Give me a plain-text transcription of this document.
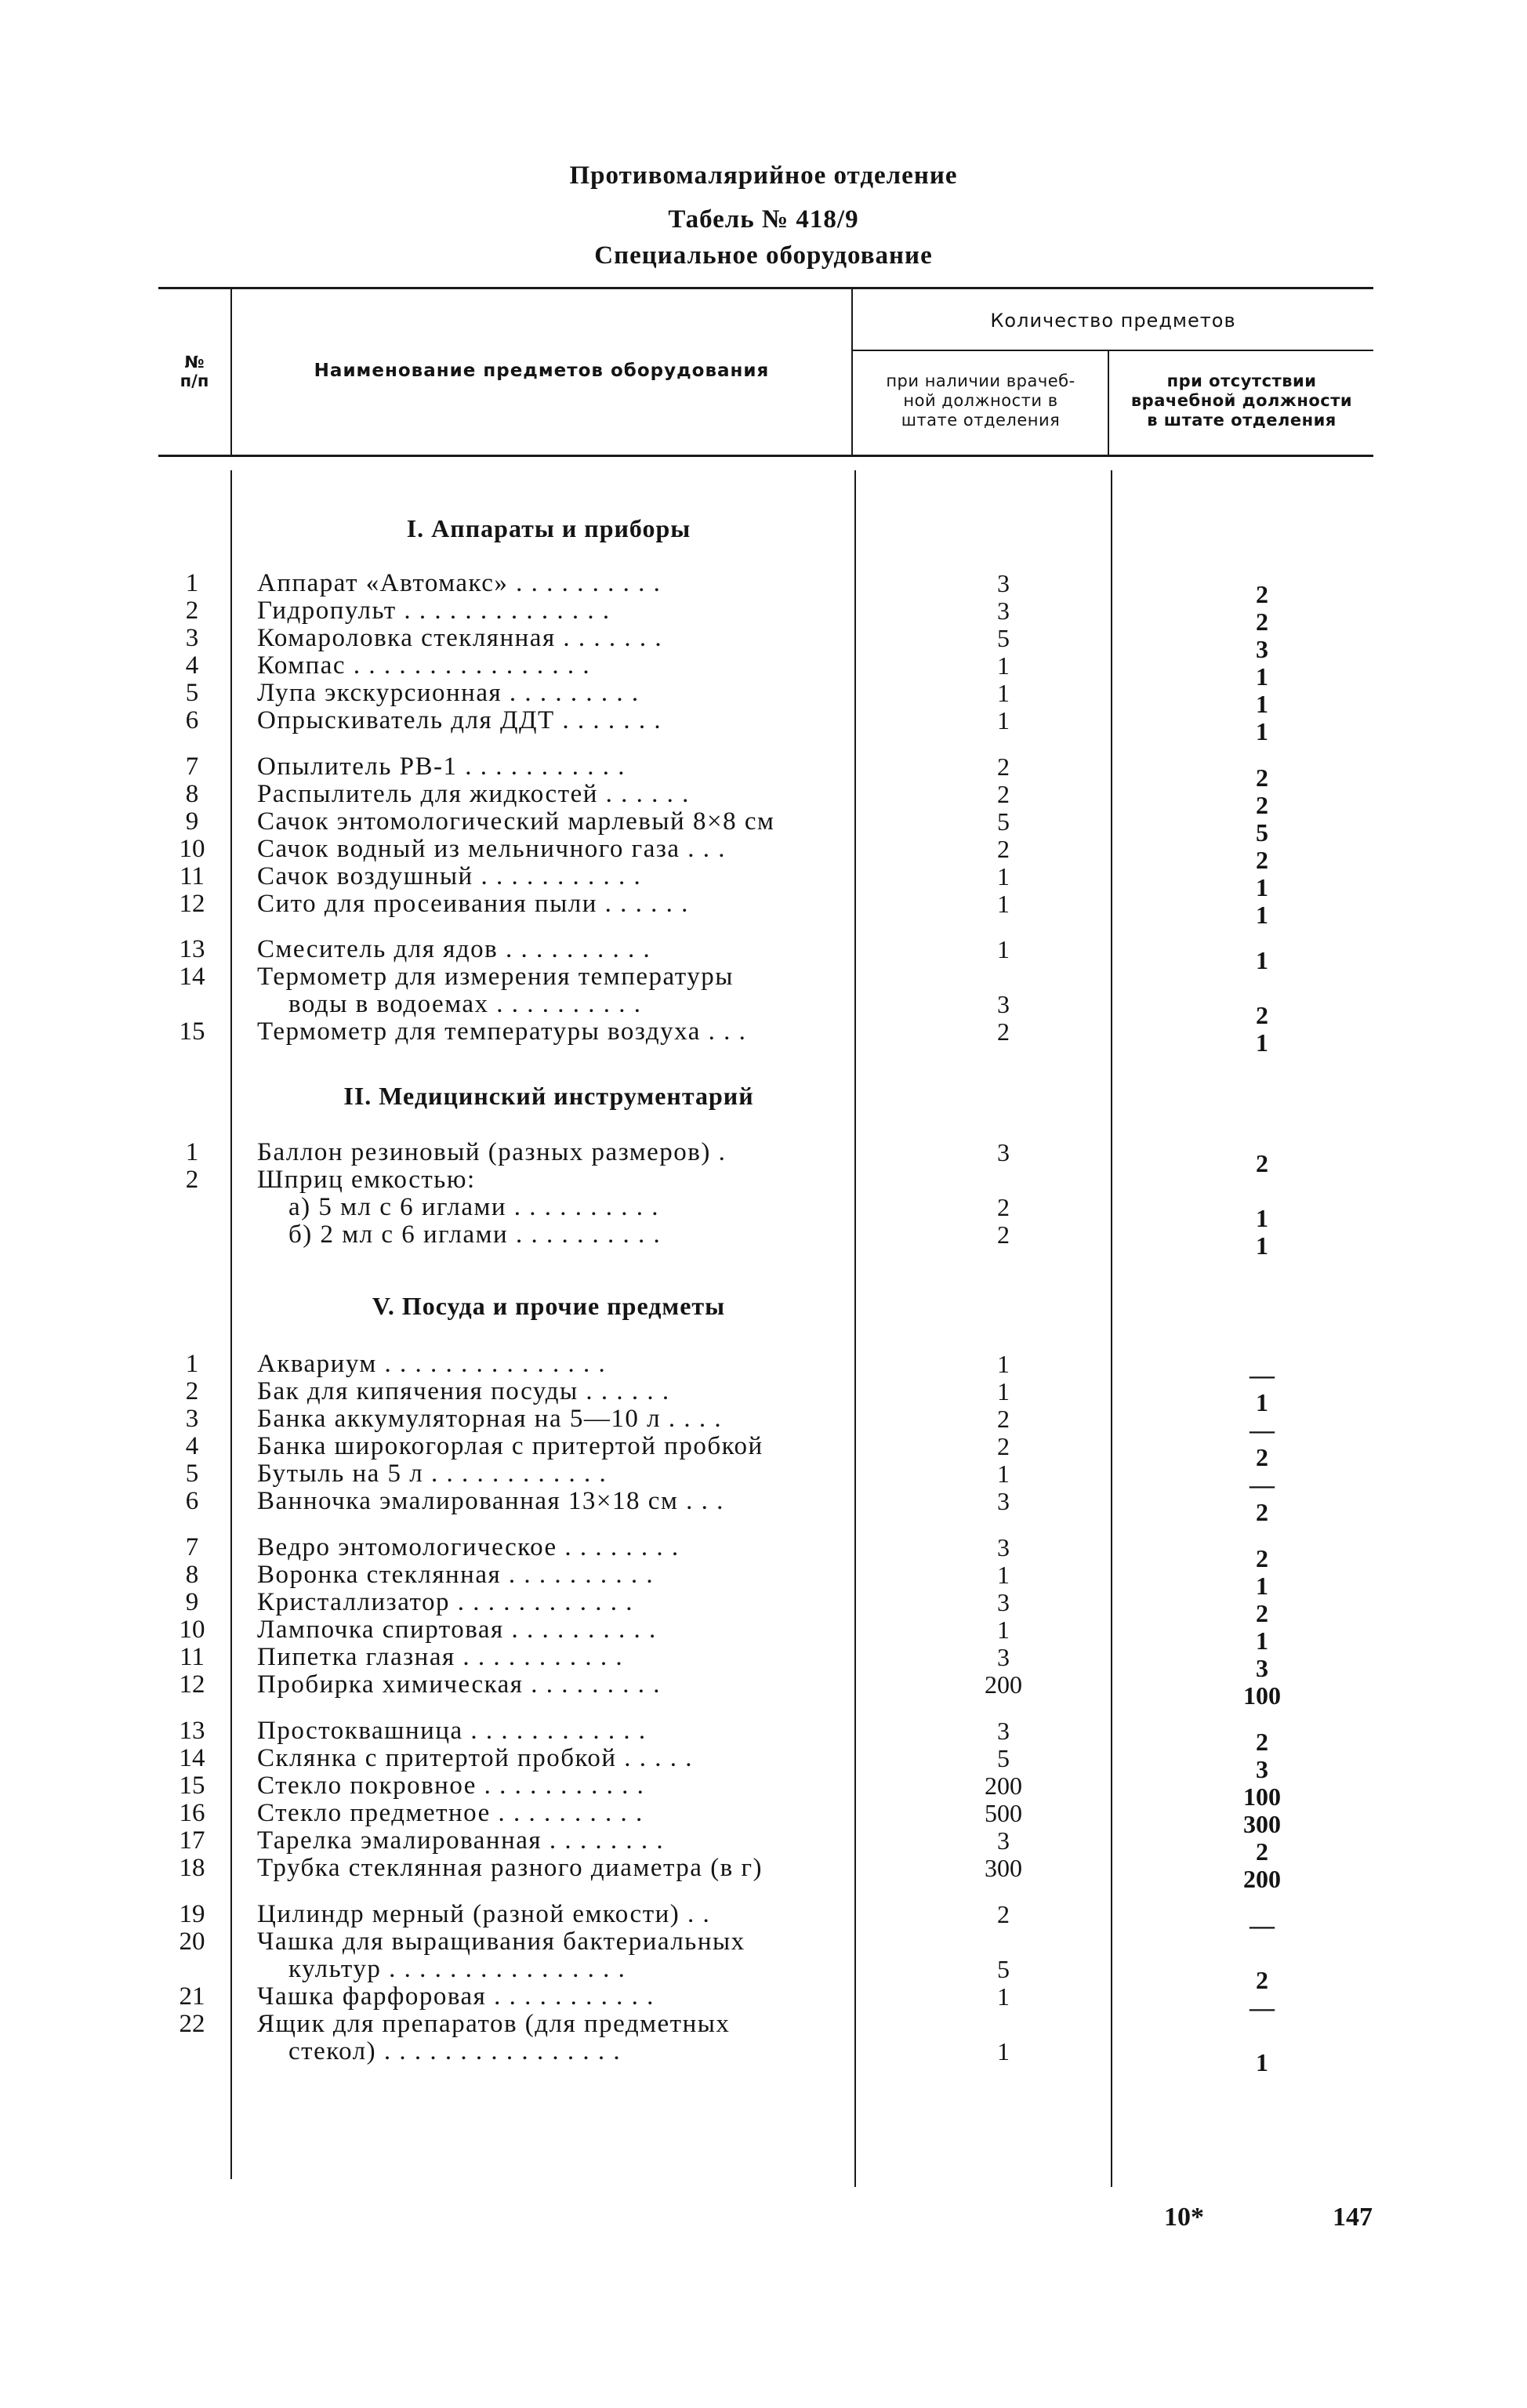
Противомалярийное отделение
Табель № 418/9
Специальное оборудование
№
п/п	Наименование предметов оборудования
Количество предметов
при наличии врачеб-
ной должности в
штате отделения
при отсутствии
врачебной должности
в штате отделения
I. Аппараты и приборы
1	Аппарат «Автомакс» . . . . . . . . . .	3	2
2	Гидропульт . . . . . . . . . . . . . .	3	2
3	Комароловка стеклянная . . . . . . .	5	3
4	Компас . . . . . . . . . . . . . . . .	1	1
5	Лупа экскурсионная . . . . . . . . .	1	1
6	Опрыскиватель для ДДТ . . . . . . .	1	1
7	Опылитель РВ-1 . . . . . . . . . . .	2	2
8	Распылитель для жидкостей . . . . . .	2	2
9	Сачок энтомологический марлевый 8×8 см	5	5
10	Сачок водный из мельничного газа . . .	2	2
11	Сачок воздушный . . . . . . . . . . .	1	1
12	Сито для просеивания пыли . . . . . .	1	1
13	Смеситель для ядов . . . . . . . . . .	1	1
14	Термометр для измерения температуры
воды в водоемах . . . . . . . . . .	3	2
15	Термометр для температуры воздуха . . .	2	1
II. Медицинский инструментарий
1	Баллон резиновый (разных размеров) .	3	2
2	Шприц емкостью:
а) 5 мл с 6 иглами . . . . . . . . . .	2	1
б) 2 мл с 6 иглами . . . . . . . . . .	2	1
V. Посуда и прочие предметы
1	Аквариум . . . . . . . . . . . . . . .	1	—
2	Бак для кипячения посуды . . . . . .	1	1
3	Банка аккумуляторная на 5—10 л . . . .	2	—
4	Банка широкогорлая с притертой пробкой	2	2
5	Бутыль на 5 л . . . . . . . . . . . .	1	—
6	Ванночка эмалированная 13×18 см . . .	3	2
7	Ведро энтомологическое . . . . . . . .	3	2
8	Воронка стеклянная . . . . . . . . . .	1	1
9	Кристаллизатор . . . . . . . . . . . .	3	2
10	Лампочка спиртовая . . . . . . . . . .	1	1
11	Пипетка глазная . . . . . . . . . . .	3	3
12	Пробирка химическая . . . . . . . . .	200	100
13	Простоквашница . . . . . . . . . . . .	3	2
14	Склянка с притертой пробкой . . . . .	5	3
15	Стекло покровное . . . . . . . . . . .	200	100
16	Стекло предметное . . . . . . . . . .	500	300
17	Тарелка эмалированная . . . . . . . .	3	2
18	Трубка стеклянная разного диаметра (в г)	300	200
19	Цилиндр мерный (разной емкости) . .	2	—
20	Чашка для выращивания бактериальных
культур . . . . . . . . . . . . . . . .	5	2
21	Чашка фарфоровая . . . . . . . . . . .	1	—
22	Ящик для препаратов (для предметных
стекол) . . . . . . . . . . . . . . . .	1	1
10*	147
